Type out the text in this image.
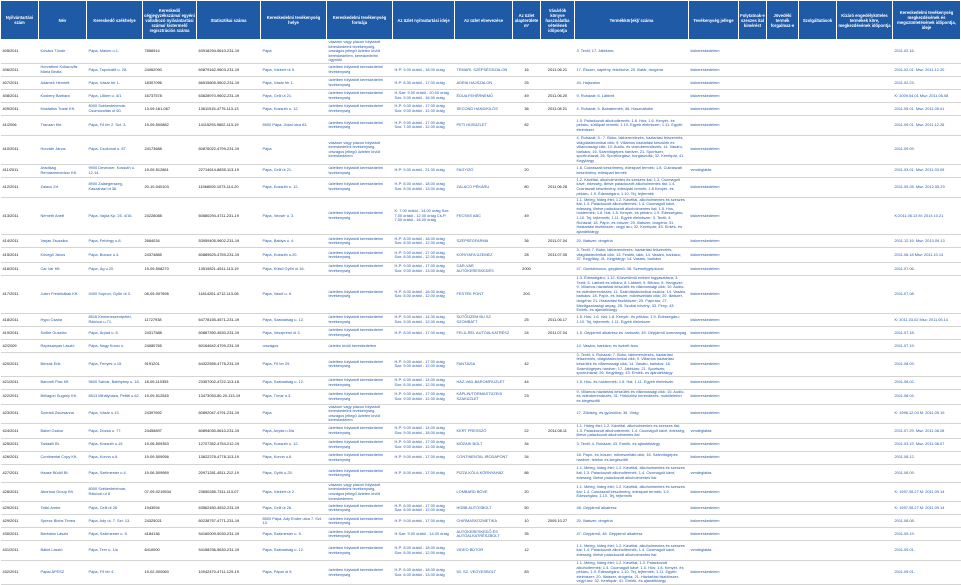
Nyilvántartási szám	Név	Kereskedő székhelye	Kereskedő cégjegyzékszáma/ egyéni vállalkozó nyilvántartási száma/ kistermelő regisztrációs száma	Statisztikai száma	Kereskedelmi tevékenység helye	Kereskedelmi tevékenység formája	Az üzlet nyitvatartási ideje	Az üzlet elnevezése	Az üzlet alapterülete m²	Vásárlók könyve használatba vételének időpontja	Termékkör(ek)/ száma	Tevékenység jellege	Folytatnak-e szeszes ital kimérést	Jövedéki termék forgalmaz-e	Szolgáltatások	Kizáró engedélyköteles termékek köre, megkezdésének időpontja	Kereskedelmi tevékenység megkezdésének és megszüntetésének időpontja, ideje
405/2011	Kovács Tünde	Pápa, Malom u.1.	7856914	63918294-5610-231-19	Pápa	vásáron vagy piacon folytatott kereskedelmi tevékenység, országos jellegű üzleten kívüli kereskedelem, kereskedelmi ügynöki					3. Textil; 17. Játékáru;	kiskereskedelem					2011.02.16.
406/2011	Horváthné Kollarovits Mária Beáta	Pápa, Tapolcafő u. 28.	24062090	60879162-9603-231-19	Pápa, Várkert út 5.	üzletben folytatott kereskedelmi tevékenység	H-P: 9.00 órától - 18.00 óráig	TEMARI. SZÉPSÉGSZALON	16	2011.06.21	17. Ékszer, napfény, felsőruha; 20. Illatár, drogéria	kiskereskedelem					2011.02.01. Msz: 2011.12.20
407/2011	Adamek Henriett	Pápa, Vásár tér 1.	18307096	66515805-9602-231-19	Pápa, Vásár tér 1.	üzletben folytatott kereskedelmi tevékenység	H-P: 8.30 órától - 17.00 óráig	ADRIA HAJSZALON	25		44. Hajszalon	kiskereskedelem					2011.02.23.
408/2011	Kosbery Barbara	Pápa, Lőkert u. 4/1	16737578	63628970-9602-231-19	Pápa, Celli út 21.	üzletben folytatott kereskedelmi tevékenység	H-Sze: 9.00 órától - 20.00 óráig Szo: 9.00 órától - 16.00 óráig	ÉDUA FEHÉRNEMŰ	49	2011.06.20	9. Ruházat; 6. Lábbeli	kiskereskedelem					K: 2009.04.01 Msz: 2011.06.08
409/2011	Mustatiss Trade Kft.	8000 Székesfehérvár, Csomózoltás út 60.	13-09-161-067	13611915-4775-113-13	Pápa, Kossuth u. 12.	üzletben folytatott kereskedelmi tevékenység	H-P: 9.00 órától - 17.00 óráig Szo: 9.00 órától - 12.00 óráig	SECOND HAND/KILÓS	36	2011.08.21	4. Ruházat; 5. Babatermék; 46. Használtcikk	kiskereskedelem					2011.05.01. Msz: 2011.05.01
41/2006	Tranzan Kkt.	Pápa, Fő tér 2. Szt. 3.	19-09-500882	14115293-9602-113-19	8500 Pápa, Jókai utca 63.	üzletben folytatott kereskedelmi tevékenység	H-P: 9.00 órától - 17.00 óráig Szo: 7.00 órától - 12.00 óráig	PETI HÚSÜZLET	82		1.5. Palackozott alkoholtermék; 1.6. Hús; 1.6. Kenyér- és pékáru, sütőipari termék; 1.10. Egyéb élelmiszer; 1.11. Egyéb élelmiszer	kiskereskedelem					2011.09.01. Msz: 2011.12.28
410/2011	Horváth János	Pápa, Csokonai u. 87.	24173688	60876022-4799-231-19	Pápa	vásáron vagy piacon folytatott kereskedelmi tevékenység, országos jellegű üzleten kívüli kereskedelem					4. Ruházat; 5.: 7. Bútor, lakberendezés, háztartási felszerelés, világítástechnikai cikk; 9. Villamos háztartási készülék és villamossági cikk; 10. Audio- és videoberendezés; 14. Vasáru, barkács; 16. Számítógépes hardver, 21. Sportszer, sportruházat; 26. Sporthorgász, horgászcikk; 32. Kerékpár, 41. Kegytárgy	kiskereskedelem					2011.09.09.
411/2011	Aradiság Remasmenedzsr Kft.	9900 Devecser, Kossuth u. 12-14.	19-09-512861	22714614-8835-113-19	Pápa, Celli út 21.	üzletben folytatott kereskedelmi tevékenység	H-P: 9.00 órától - 21.00 óráig	FAGYIZÓ	20		1.6. Cukrászati készítmény, édesipari termék; 1.8. Cukrászati készítmény, édesipari termék	vendéglátás					2011.03.01. Msz: 2011.03.09
412/2011	Zalaco Zrt.	8900 Zalaegerszeg, Kaszaházi út 36.	20-10-040103	11568009-1073-114-20	Pápa, Kossuth u. 12.	üzletben folytatott kereskedelmi tevékenység	H-P: 8.00 órától - 18.00 óráig Szo: 8.00 órától - 13.00 óráig	ZALACO PÉKÁRU	80	2011.06.28	1.2. Kávéital, alkoholmentes és szeszes ital; 1.3. Csomagolt kávé, édesség, illetve palackozott alkoholmentes ital; 1.4. Cukrászati készítmény, édesipari termék; 1.8 Kenyér- és pékáru, 1.9. Édességáru; 1.10. Tej, tejtermék	kiskereskedelem					2011.09.28. Msz: 2012.05.29
413/2011	Németh Anett	Pápa, Vajda Kp. 25. 4/16.	24228088	60880294-4711-231-19	Pápa, Vecsér u. 3.	üzletben folytatott kereskedelmi tevékenység	K: 7.00 órától - 14.00 óráig Sze: 7.00 órától - 12.00 óráig Cs-P: 7.00 órától - 16.00 óráig	FECSKE ABC	49		1.1. Meleg, hideg étel; 1.2. Kávéital, alkoholmentes és szeszes ital; 1.3. Palackozott alkoholtermék; 1.4. Csomagolt kávé, édesség, illetve palackozott alkoholmentes ital; 1.5. Hús, hústermék; 1.6. Hal; 1.8. Kenyér- és pékáru; 1.9. Édességáru; 1.10. Tej, tejtermék; 1.11. Egyéb élelmiszer; 3. Textil; 4. Ruházat; 18. Papír- és írószer; 20. Illatszer, drogéria; 31. Hastartási tisztítószer; vegyi áru; 32. Kerékpár; 43. Emlék- és ajándéktárgy	kiskereskedelem					K:2011.06.13 M: 2014.10.21
414/2011	Varjas Zsuzsika	Pápa, Fehérgy u.8.	2684034	53959405-9602-231-19	Pápa, Baldya u. 4.	üzletben folytatott kereskedelmi tevékenység	H-P: 8.00 órától - 18.00 óráig Szo: 8.00 órától - 12.00 óráig	SZÉPSÉGFARMA	36	2011.07.04	20. Illatszer, drogéria	kiskereskedelem					2011.12.16. Msz: 2013.09.13
415/2011	Kövegő János	Pápa, Bocsor u.4.	24374885	60889625-4759-231-19	Pápa, Kossuth u.20.	üzletben folytatott kereskedelmi tevékenység	H-P: 9.00 órától - 17.00 óráig Szo: 8.00 órától - 12.00 óráig	KORIYAFA ÜZEMEZ	28	2011.07.05	3. Textil; 7. Bútor, lakberendezés, háztartási felszerelés, világítástechnikai cikk; 13. Festék, lakk; 14. Vasáru, barkács; 37. Kegyltály, 41. Kegytárgy; 14. Vasáru, barkács	kiskereskedelem					2011.06.18 Msz: 2011.10.14
416/2011	Car Var Kft.	Pápa, Ág u.20.	19-09-508270	13519821-4511-113-19	Pápa, Külső Győri út 16.	üzletben folytatott kereskedelmi tevékenység	H-P: 9.00 órától - 17.00 óráig Szo: 9.00 órától - 13.00 óráig	CAR-VAR AUTÓKERESKEDÉS	2000		47. Gumiabroncs, gépjármű; 48. Személygépkocsi	kiskereskedelem					2011.07.06.
417/2011	Joker Fredrikáliak Kft.	9400 Sopron, Győri út 3.	08-09-007696	11814261-4712-113-08	Pápa, Vasút u. 6.	üzletben folytatott kereskedelmi tevékenység	H-P: 8.00 órától - 18.00 óráig Szo: 8.00 órától - 12.00 óráig	FESTÉK PONT	200		1.3. Édességáru; 1.12. Közvetlenül emberi fogyasztásra; 3. Textil; 6. Lábbeli és bőráru; 8. Lábbeli; 9. Bőráru; 8. Hangszer; 9. Villamos háztartási készülék és villamossági cikk; 10. Audio- és videoberendezés; 11. Számítástechnikai eszköz; 14. Vasáru, barkács; 18. Papír- és írószer, művészellátó cikk; 20. Illatszer, drogéria; 21. Háztartási tisztítószer; 25. Papíráru; 27. Mezőgazdasági anyag, 28. Szobai növény; 33. Fény; 43. Emlék- és ajándéktárgy	kiskereskedelem					2011.07.08.
418/2011	Hypo Csaba	8516 Kemeneszentpéter, Rákóczi u.71.	11727938	64778155-4571-231-19	Pápa, Szabadság u. 12.	üzletben folytatott kereskedelmi tevékenység	H-P: 9.00 órától - 14.30 óráig Szo: 9.00 órától - 12.00 óráig	SÜTŐÜZEM BU SZ SZOMBATT	25	2011.06.17	1.5. Hús; 1.6. Hal; 1.8. Kenyér- és pékáru; 1.9. Édességáru; 1.10. Tej, tejtermék; 1.11. Egyéb élelmiszer	kiskereskedelem					K: 2011.03.02 Msz: 2011.05.14
419/2011	Szőke Gusztáv	Pápa, Árpád u. 6.	24317588	60887390-4530-231-19	Pápa, Veszprémi út 3.	üzletben folytatott kereskedelmi tevékenység	H-P: 8.00 órától - 17.00 óráig	FELÜ-REL AUTÓALKATRÉSZ	24	2011.07.04	1.5. Gépjármű alkatrész és -tartozék; 49. Gépjármű üzemanyag	kiskereskedelem					2011.07.18.
42/2009	Rapesanyas László	Pápa, Nagy Kuruc u.	24080765	60164642-4799-231-19	országos	üzleten kívüli kereskedelem					14. Vasáru, barkács; és iszkrét árus	kiskereskedelem					2011.07.19.
420/2011	Berzák Erik	Pápa, Fenyes u.15.	9191201	64322555-4776-231-19	Pápa, Fő tér 29.	üzletben folytatott kereskedelmi tevékenység	H-P: 9.00 órától - 17.00 óráig Szo: 9.00 órától - 12.00 óráig	FANTÁZIA	42		3. Textil; 4. Ruházat; 7. Bútor, lakberendezés, háztartási felszerelés, világítástechnikai cikk; 9. Villamos háztartási készülék és villamossági cikk; 14. Vasáru, barkács; 16. Számítógépes hardver; 17. Játékáru; 21. Sportszer, sporruházat; 26. Kegytárgy; 43. Emlék- és ajándéktárgy	kiskereskedelem					2011.08.09.
421/2011	Baromfi Piac Kft.	9600 Sárvár, Batthyány u. 18.	18-09-110353	23357002-4722-113-18	Pápa, Szabadság u. 12.	üzletben folytatott kereskedelmi tevékenység	H-P: 6.00 órától - 14.00 óráig Szo: 6.00 órától - 12.00 óráig	HÁZ-VAD-BAROMFIÜZLET	44		1.5. Hús- és hústermék; 1.6. Hal; 1.11. Egyéb élelmiszer	kiskereskedelem					2011.08.02.
422/2011	Bellagon Sugarly Kft.	8513 Mihályháza, Petőfi u.62.	19-09-512545	13473053-80-20-113-19	Pápa, Tímár u.3.	üzletben folytatott kereskedelmi tevékenység	H-P: 9.00 órától - 17.00 óráig Szo: 9.00 órától - 12.00 óráig	KÁPLIN/TÖRMASTÜZEGI SZAKÜZLET	23		9. Villamos háztartási készülék és villamossági cikk; 10. Audio- és videoberendezés; 31. Hírközlési berendezés, mobiltelefon és kiegészítői	kiskereskedelem					2011.08.04.
423/2011	Szórádi Zsuzsanna	Pápa, Vásár u.13.	24397692	60892047-4791-231-19	Pápa	vásáron vagy piacon folytatott kereskedelmi tevékenység, országos jellegű üzleten kívüli kereskedelem					17. Zöldség- és gyümölcs; 36. Virág	kiskereskedelem					K: 1996.12.04 M: 2011.09.19
424/2011	Babel Csaba	Pápa, Dózsa u. 77.	24455897	60894030-5610-231-19	Pápa, Anyás u.5/a	üzletben folytatott kereskedelmi tevékenység	H-P: 9.00 órától - 14.00 óráig Szo: 9.00 órától - 18.00 óráig	KERT PRESSZÓ	22	2011.08.11	1.1. Hideg étel; 1.2. Kávéital, alkoholmentes és szeszes ital; 1.3. Palackozott alkoholtermék; 1.4. Csomagolt kávé, édesség, illetve palackozott alkoholmentes ital	vendéglátás					2011.07.29. Msz: 2011.08.28
425/2011	Tartaalli Bt.	Pápa, Kossuth u.19.	19-06-509353	12707352-4754-212-19	Pápa, Kossuth u. 12.	üzletben folytatott kereskedelmi tevékenység	H-P: 9.00 órától - 17.00 óráig Szo: 9.00 órától - 12.00 óráig	MÓZAIK BOLT	34		3. Textil; 4. Ruházat; 43. Emlék- és ajándéktárgy	kiskereskedelem					2011.03.19. Msz: 2011.08.07
426/2011	Continental Copy Kft.	Pápa, Korvin u.6.	19-09-509056	13622278-4778-113-19	Pápa, Korvin u.6.	üzletben folytatott kereskedelmi tevékenység	H-P: 9.00 órától - 17.00 óráig	CONTINENTAL IRODAPONT	34		18. Papír- és írószer, művészellátó cikk; 16. Számítógépes hardver, telefon és kiegészítői	kiskereskedelem					2011.08.12.
427/2011	Haase Büdöl Bt.	Pápa, Szélmester u.4.	19-06-509989	20971281-4511-212-19	Pápa, Győri u.25.	üzletben folytatott kereskedelmi tevékenység	H-P: 8.00 órától - 17.00 óráig	PIZZA KÓLA KÖRNYAHÁZ	86		1.1. Meleg, hideg étel; 1.2. Kávéital, alkoholmentes és szeszes ital; 1.3. Palackozott alkoholtermék; 1.4. Csomagolt kávé, édesség, illetve palackozott alkoholmentes ital	vendéglátás					2011.08.09.
428/2011	Abortuia Group Kft.	8000 Székesfehérvár, Rákóczi út 8	07-09-0219534	23650285-7311-113-07	Pápa, Várkert út 2.	vásáron vagy piacon folytatott kereskedelmi tevékenység, országos jellegű üzleten kívüli kereskedelem		LOMBARD BÖVE	20		1.1. Meleg, hideg étel; 1.2. Kávéital, alkoholmentes és szeszes ital; 1.4. Cukrászati készítmény, édesipari termék; 1.9. Édességáru; 1.10. Tej, tejtermék	kiskereskedelem					K: 1997.08.27 M: 2011.09.14
429/2011	Tekki Ambe	Pápa, Celli út 26.	1943094	63562450-4532-231-19	Pápa, Celli út 26.	üzletben folytatott kereskedelmi tevékenység	H-P: 8.00 órától - 17.00 óráig Szo: 8.00 órától - 12.00 óráig	HÖBB AUTÓSBOLT	50		48. Gépjármű alkatrész	kiskereskedelem					K: 1997.08.27 M: 2011.09.14
429/2011	Sprezz Biobs Timea	Pápa, Ady ut. 7. Szt. 13.	24325021	60238757-4771-231-19	8500 Pápa, Ady Endre utca 7. Szt. 13.	üzletben folytatott kereskedelmi tevékenység	H-P: 9.00 órától - 17.00 óráig	CHIRMASKOZMETIKA	10	2009.10.27	20. Illatszer, drogéria	kiskereskedelem					2011.08.08.
430/2011	Bentalan László	Pápa, Szálmester u. 5.	4184136	54160009-5030-231-19	Pápa, Szalmester u. 5.	üzletben folytatott kereskedelmi tevékenység	H-Sze: 9.00 órától - 14.00 óráig	AUTÓKERESKEDŐ ÉS AUTÓALKATRÉSZBOLT	35		47. Gépjármű; 48. Gépjármű alkatrész	kiskereskedelem					2011.09.19.
431/2011	Bálint László	Pápa, Terv u. 1/a	6410000	54158236-5630-231-19	Pápa, Szabadság u. 12.	üzletben folytatott kereskedelmi tevékenység	H-P: 8.00 órától - 18.00 óráig Szo: 8.00 órától - 12.00 óráig	VIDEO BÚTOR	12		1.1. Meleg, hideg étel; 1.2. Kávéital, alkoholmentes és szeszes ital; 1.4. Palackozott alkoholtermék; 1.4. Csomagolt kávé, édesség, illetve palackozott alkoholmentes ital	vendéglátás					2011.09.01.
432/2011	Papai ÁFÉSZ	Pápa, Fő tér 4.	19-02-000060	10042470-4711-129-19	Pápa, Pápai út 9.	üzletben folytatott kereskedelmi tevékenység	H-P: 6.00 órától - 18.00 óráig Szo: 6.00 órától - 13.00 óráig	53. SZ. VEGYESBOLT	83		1.1. Meleg, hideg étel; 1.2. Kávéital; 1.3. Palackozott alkoholtermék; 1.4. Csomagolt kávé; 1.5. Hús; 1.8. Kenyér- és pékáru; 1.9. Édességáru; 1.10. Tej, tejtermék; 1.11. Egyéb élelmiszer; 20. Illatszer, drogéria; 21. Háztartási tisztítószer, vegyi áru; 32. Kerékpár; 41. Emlék- és ajándéktárgy	kiskereskedelem					2011.09.01.
